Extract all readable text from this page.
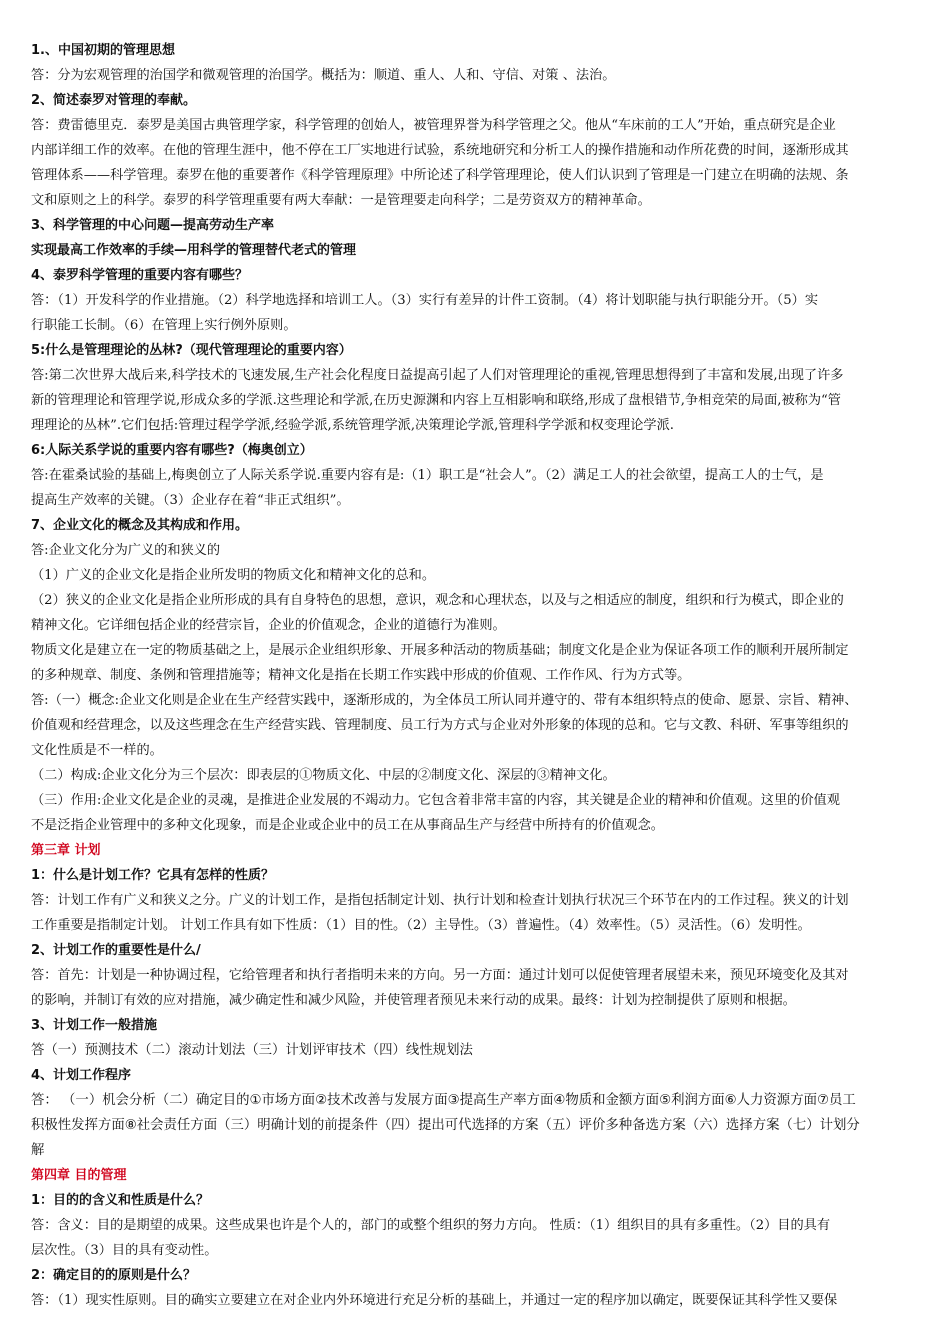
1.、中国初期的管理思想
答：分为宏观管理的治国学和微观管理的治国学。概括为：顺道、重人、人和、守信、对策 、法治。
2、简述泰罗对管理的奉献。
答：费雷德里克．泰罗是美国古典管理学家，科学管理的创始人，被管理界誉为科学管理之父。他从“车床前的工人”开始，重点研究是企业
内部详细工作的效率。在他的管理生涯中，他不停在工厂实地进行试验，系统地研究和分析工人的操作措施和动作所花费的时间，逐渐形成其
管理体系——科学管理。泰罗在他的重要著作《科学管理原理》中所论述了科学管理理论，使人们认识到了管理是一门建立在明确的法规、条
文和原则之上的科学。泰罗的科学管理重要有两大奉献：一是管理要走向科学；二是劳资双方的精神革命。
3、科学管理的中心问题—提高劳动生产率
实现最高工作效率的手续—用科学的管理替代老式的管理
4、泰罗科学管理的重要内容有哪些？
答：（1）开发科学的作业措施。（2）科学地选择和培训工人。（3）实行有差异的计件工资制。（4）将计划职能与执行职能分开。（5）实
行职能工长制。（6）在管理上实行例外原则。
5:什么是管理理论的丛林?（现代管理理论的重要内容）
答:第二次世界大战后来,科学技术的飞速发展,生产社会化程度日益提高引起了人们对管理理论的重视,管理思想得到了丰富和发展,出现了许多
新的管理理论和管理学说,形成众多的学派.这些理论和学派,在历史源渊和内容上互相影响和联络,形成了盘根错节,争相竞荣的局面,被称为“管
理理论的丛林”.它们包括:管理过程学学派,经验学派,系统管理学派,决策理论学派,管理科学学派和权变理论学派.
6:人际关系学说的重要内容有哪些?（梅奥创立）
答:在霍桑试验的基础上,梅奥创立了人际关系学说.重要内容有是:（1）职工是“社会人”。（2）满足工人的社会欲望，提高工人的士气，是
提高生产效率的关键。（3）企业存在着“非正式组织”。
7、企业文化的概念及其构成和作用。
答:企业文化分为广义的和狭义的
（1）广义的企业文化是指企业所发明的物质文化和精神文化的总和。
（2）狭义的企业文化是指企业所形成的具有自身特色的思想，意识，观念和心理状态，以及与之相适应的制度，组织和行为模式，即企业的
精神文化。它详细包括企业的经营宗旨，企业的价值观念，企业的道德行为准则。
物质文化是建立在一定的物质基础之上，是展示企业组织形象、开展多种活动的物质基础；制度文化是企业为保证各项工作的顺利开展所制定
的多种规章、制度、条例和管理措施等；精神文化是指在长期工作实践中形成的价值观、工作作风、行为方式等。
答:（一）概念:企业文化则是企业在生产经营实践中，逐渐形成的，为全体员工所认同并遵守的、带有本组织特点的使命、愿景、宗旨、精神、
价值观和经营理念，以及这些理念在生产经营实践、管理制度、员工行为方式与企业对外形象的体现的总和。它与文教、科研、军事等组织的
文化性质是不一样的。
（二）构成:企业文化分为三个层次：即表层的①物质文化、中层的②制度文化、深层的③精神文化。
（三）作用:企业文化是企业的灵魂，是推进企业发展的不竭动力。它包含着非常丰富的内容，其关键是企业的精神和价值观。这里的价值观
不是泛指企业管理中的多种文化现象，而是企业或企业中的员工在从事商品生产与经营中所持有的价值观念。
第三章 计划
1：什么是计划工作？它具有怎样的性质？
答：计划工作有广义和狭义之分。广义的计划工作，是指包括制定计划、执行计划和检查计划执行状况三个环节在内的工作过程。狭义的计划
工作重要是指制定计划。 计划工作具有如下性质：（1）目的性。（2）主导性。（3）普遍性。（4）效率性。（5）灵活性。（6）发明性。
2、计划工作的重要性是什么/
答：首先：计划是一种协调过程，它给管理者和执行者指明未来的方向。另一方面：通过计划可以促使管理者展望未来，预见环境变化及其对
的影响，并制订有效的应对措施，减少确定性和减少风险，并使管理者预见未来行动的成果。最终：计划为控制提供了原则和根据。
3、计划工作一般措施
答（一）预测技术（二）滚动计划法（三）计划评审技术（四）线性规划法
4、计划工作程序
答： （一）机会分析（二）确定目的①市场方面②技术改善与发展方面③提高生产率方面④物质和金额方面⑤利润方面⑥人力资源方面⑦员工
积极性发挥方面⑧社会责任方面（三）明确计划的前提条件（四）提出可代选择的方案（五）评价多种备选方案（六）选择方案（七）计划分
解
第四章 目的管理
1：目的的含义和性质是什么？
答：含义：目的是期望的成果。这些成果也许是个人的，部门的或整个组织的努力方向。 性质：（1）组织目的具有多重性。（2）目的具有
层次性。（3）目的具有变动性。
2：确定目的的原则是什么？
答：（1）现实性原则。目的确实立要建立在对企业内外环境进行充足分析的基础上，并通过一定的程序加以确定，既要保证其科学性又要保
